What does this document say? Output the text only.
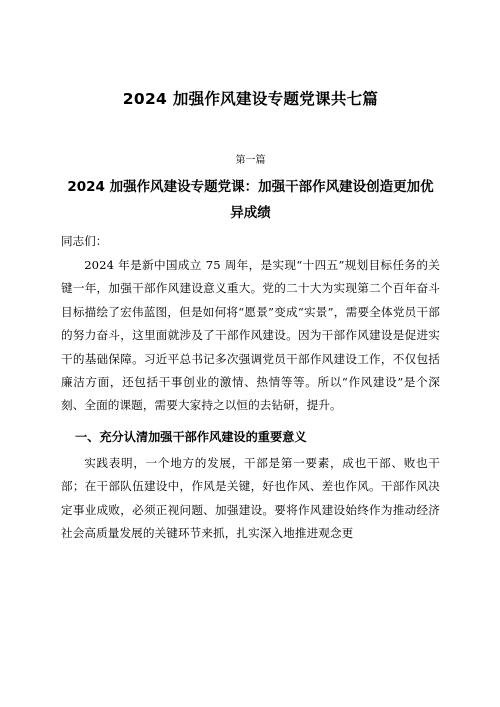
2024 加强作风建设专题党课共七篇

第一篇

2024 加强作风建设专题党课：加强干部作风建设创造更加优异成绩

同志们：

2024 年是新中国成立 75 周年，是实现“十四五”规划目标任务的关键一年，加强干部作风建设意义重大。党的二十大为实现第二个百年奋斗目标描绘了宏伟蓝图，但是如何将“愿景”变成“实景”，需要全体党员干部的努力奋斗，这里面就涉及了干部作风建设。因为干部作风建设是促进实干的基础保障。习近平总书记多次强调党员干部作风建设工作，不仅包括廉洁方面，还包括干事创业的激情、热情等等。所以“作风建设”是个深刻、全面的课题，需要大家持之以恒的去钻研，提升。

一、充分认清加强干部作风建设的重要意义

实践表明，一个地方的发展，干部是第一要素，成也干部、败也干部；在干部队伍建设中，作风是关键，好也作风、差也作风。干部作风决定事业成败，必须正视问题、加强建设。要将作风建设始终作为推动经济社会高质量发展的关键环节来抓，扎实深入地推进观念更
